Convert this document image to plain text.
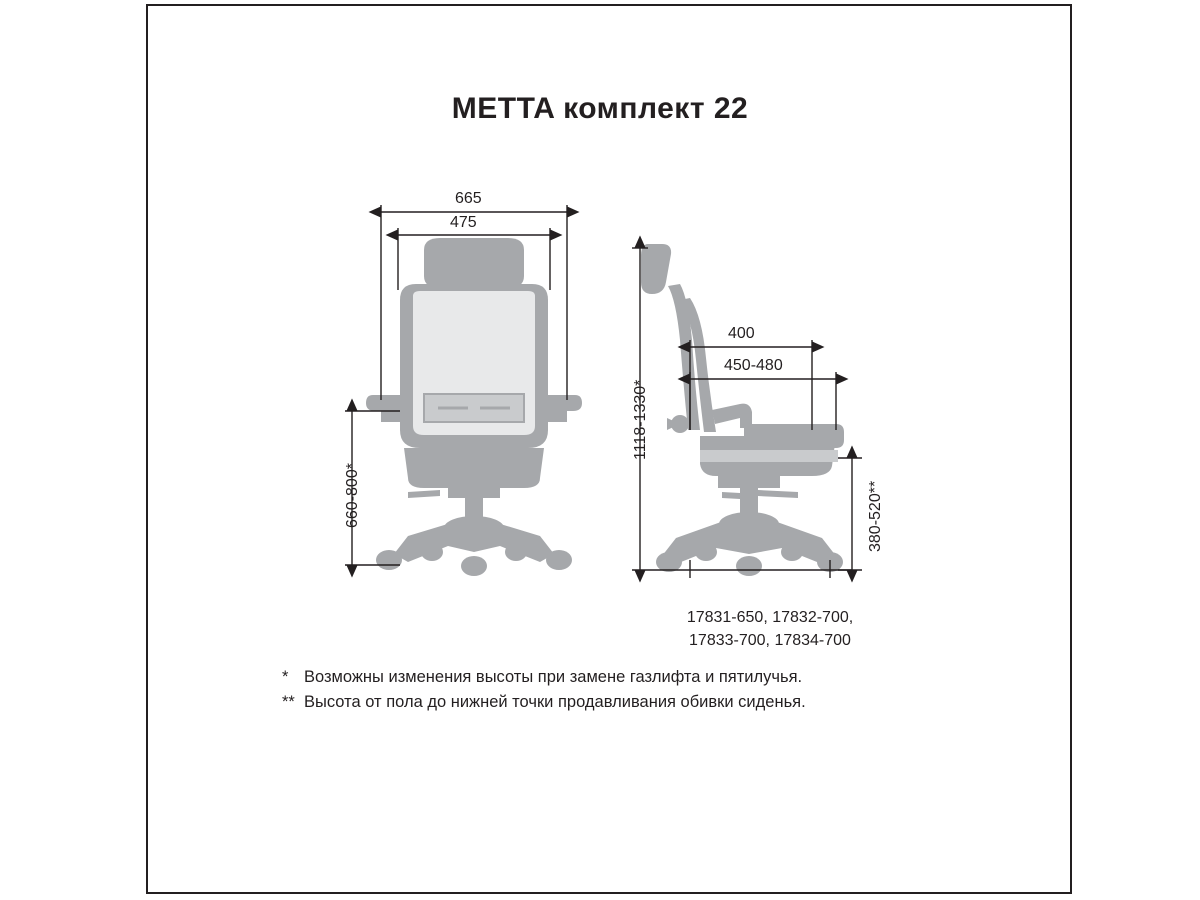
METTA комплект 22
665
475
660-800*
400
450-480
1118-1330*
380-520**
17831-650, 17832-700,
17833-700, 17834-700
* Возможны изменения высоты при замене газлифта и пятилучья.
** Высота от пола до нижней точки продавливания обивки сиденья.
